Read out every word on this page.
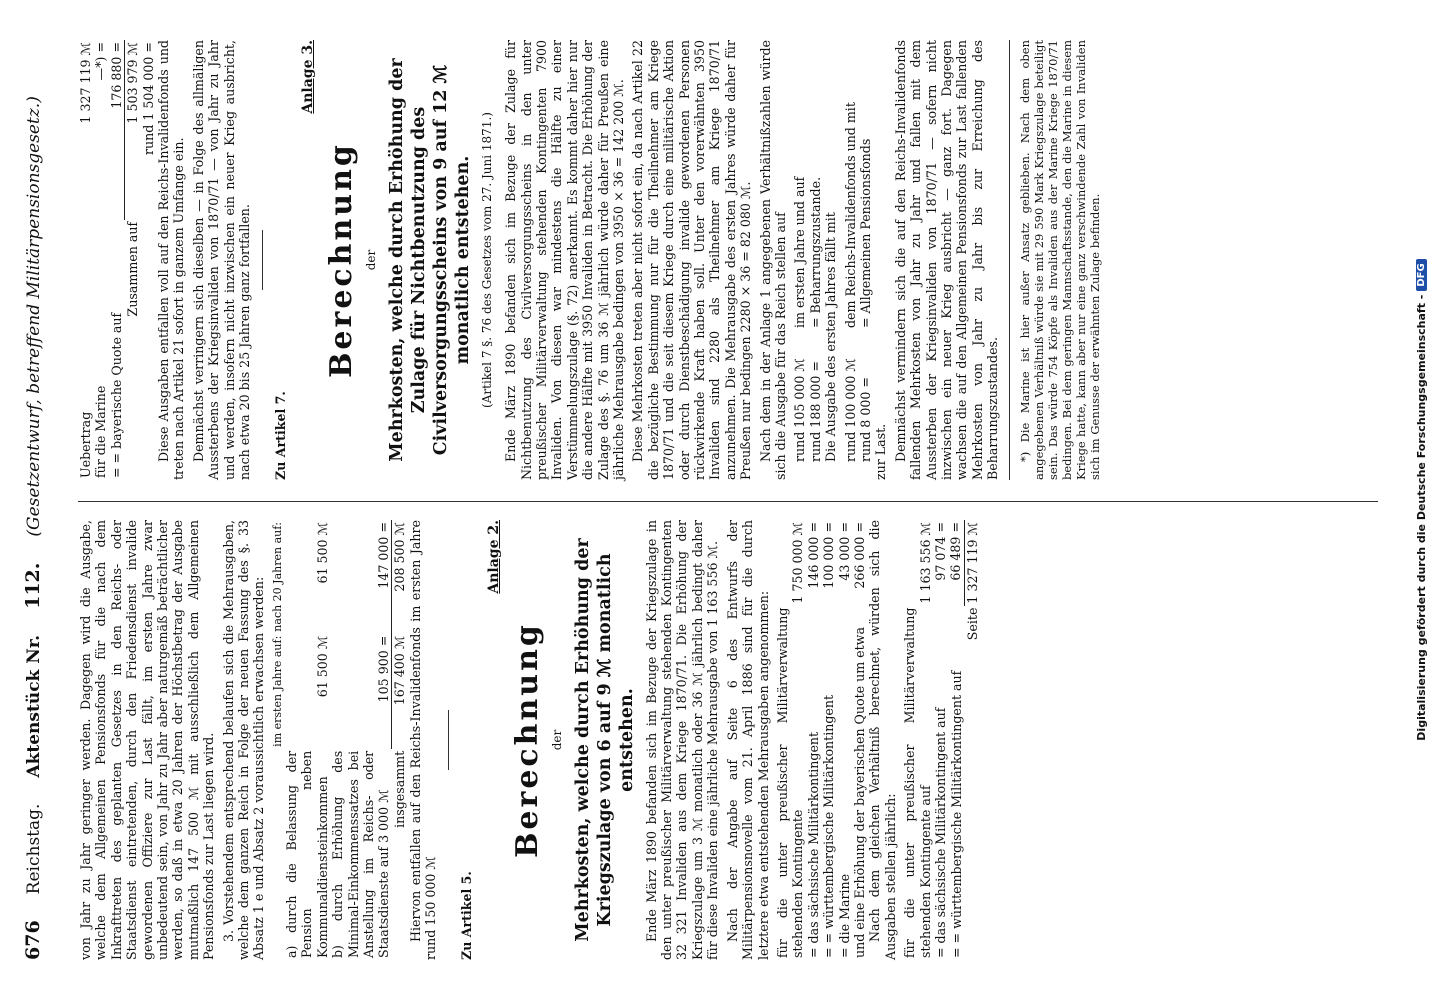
676
Reichstag.
Aktenstück Nr.
112.
(Gesetzentwurf, betreffend Militärpensionsgesetz.)

von Jahr zu Jahr geringer werden. Dagegen wird die Ausgabe, welche dem Allgemeinen Pensionsfonds für die nach dem Inkrafttreten des geplanten Gesetzes in den Reichs- oder Staatsdienst eintretenden, durch den Friedensdienst invalide gewordenen Offiziere zur Last fällt, im ersten Jahre zwar unbedeutend sein, von Jahr zu Jahr aber naturgemäß beträchtlicher werden, so daß in etwa 20 Jahren der Höchstbetrag der Ausgabe mutmaßlich 147 500 ℳ mit ausschließlich dem Allgemeinen Pensionsfonds zur Last liegen wird. 3. Vorstehendem entsprechend belaufen sich die Mehrausgaben, welche dem ganzen Reich in Folge der neuen Fassung des §. 33 Absatz 1 e und Absatz 2 voraussichtlich erwachsen werden:

	im ersten Jahre auf:	nach 20 Jahren auf:
a) durch die Belassung der Pension neben Kommunaldiensteinkommen	61 500 ℳ	61 500 ℳ
b) durch Erhöhung des Minimal-Einkommenssatzes bei Anstellung im Reichs- oder Staatsdienste auf 3 000 ℳ	105 900 =	147 000 =
insgesammt	167 400 ℳ	208 500 ℳ Hiervon entfallen auf den Reichs-Invalidenfonds im ersten Jahre rund 150 000 ℳ Zu Artikel 5.

Anlage 2.

Berechnung der Mehrkosten, welche durch Erhöhung der Kriegszulage von 6 auf 9 ℳ monatlich entstehen. Ende März 1890 befanden sich im Bezuge der Kriegszulage in den unter preußischer Militärverwaltung stehenden Kontingenten 32 321 Invaliden aus dem Kriege 1870/71. Die Erhöhung der Kriegszulage um 3 ℳ monatlich oder 36 ℳ jährlich bedingt daher für diese Invaliden eine jährliche Mehrausgabe von 1 163 556 ℳ. Nach der Angabe auf Seite 6 des Entwurfs der Militärpensionsnovelle vom 21. April 1886 sind für die durch letztere etwa entstehenden Mehrausgaben angenommen: für die unter preußischer Militärverwaltung stehenden Kontingente	1 750 000 ℳ
= das sächsische Militärkontingent	146 000 =
= = württembergische Militärkontingent	100 000 =
= die Marine	43 000 =
und eine Erhöhung der bayerischen Quote um etwa	266 000 = Nach dem gleichen Verhältniß berechnet, würden sich die Ausgaben stellen jährlich: für die unter preußischer Militärverwaltung stehenden Kontingente auf	1 163 556 ℳ
= das sächsische Militärkontingent auf	97 074 =
= = württembergische Militärkontingent auf	66 489 =
Seite	1 327 119 ℳ
Uebertrag	1 327 119 ℳ
für die Marine	—*) =
= = bayerische Quote auf	176 880 =
Zusammen auf	1 503 979 ℳ
	rund 1 504 000 = Diese Ausgaben entfallen voll auf den Reichs-Invalidenfonds und treten nach Artikel 21 sofort in ganzem Umfange ein. Demnächst verringern sich dieselben — in Folge des allmäligen Aussterbens der Kriegsinvaliden von 1870/71 — von Jahr zu Jahr und werden, insofern nicht inzwischen ein neuer Krieg ausbricht, nach etwa 20 bis 25 Jahren ganz fortfallen. Zu Artikel 7.

Anlage 3.

Berechnung der Mehrkosten, welche durch Erhöhung der Zulage für Nichtbenutzung des Civilversorgungsscheins von 9 auf 12 ℳ monatlich entstehen. (Artikel 7 §. 76 des Gesetzes vom 27. Juni 1871.) Ende März 1890 befanden sich im Bezuge der Zulage für Nichtbenutzung des Civilversorgungsscheins in den unter preußischer Militärverwaltung stehenden Kontingenten 7900 Invaliden. Von diesen war mindestens die Hälfte zu einer Verstümmelungszulage (§. 72) anerkannt. Es kommt daher hier nur die andere Hälfte mit 3950 Invaliden in Betracht. Die Erhöhung der Zulage des §. 76 um 36 ℳ jährlich würde daher für Preußen eine jährliche Mehrausgabe bedingen von 3950 × 36 = 142 200 ℳ. Diese Mehrkosten treten aber nicht sofort ein, da nach Artikel 22 die bezügliche Bestimmung nur für die Theilnehmer am Kriege 1870/71 und die seit diesem Kriege durch eine militärische Aktion oder durch Dienstbeschädigung invalide gewordenen Personen rückwirkende Kraft haben soll. Unter den vorerwähnten 3950 Invaliden sind 2280 als Theilnehmer am Kriege 1870/71 anzunehmen. Die Mehrausgabe des ersten Jahres würde daher für Preußen nur bedingen 2280 × 36 = 82 080 ℳ. Nach dem in der Anlage 1 angegebenen Verhältnißzahlen würde sich die Ausgabe für das Reich stellen auf rund 105 000 ℳ	im ersten Jahre und auf
rund 188 000 =	= Beharrungszustande. Die Ausgabe des ersten Jahres fällt mit rund 100 000 ℳ	dem Reichs-Invalidenfonds und mit
rund 8 000 =	= Allgemeinen Pensionsfonds

zur Last. Demnächst vermindern sich die auf den Reichs-Invalidenfonds fallenden Mehrkosten von Jahr zu Jahr und fallen mit dem Aussterben der Kriegsinvaliden von 1870/71 — sofern nicht inzwischen ein neuer Krieg ausbricht — ganz fort. Dagegen wachsen die auf den Allgemeinen Pensionsfonds zur Last fallenden Mehrkosten von Jahr zu Jahr bis zur Erreichung des Beharrungszustandes. *) Die Marine ist hier außer Ansatz geblieben. Nach dem oben angegebenen Verhältniß würde sie mit 29 590 Mark Kriegszulage beteiligt sein. Das würde 754 Köpfe als Invaliden aus der Marine Kriege 1870/71 bedingen. Bei dem geringen Mannschaftsstande, den die Marine in diesem Kriege hatte, kann aber nur eine ganz verschwindende Zahl von Invaliden sich im Genusse der erwähnten Zulage befinden.	Digitalisierung gefördert durch die Deutsche Forschungsgemeinschaft -
DFG
